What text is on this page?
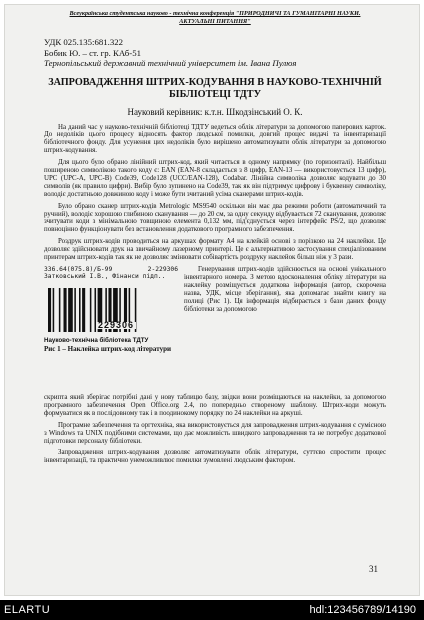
Всеукраїнська студентська науково - технічна конференція "ПРИРОДНИЧІ ТА ГУМАНІТАРНІ НАУКИ.
АКТУАЛЬНІ ПИТАННЯ"
УДК 025.135:681.322
Бобик Ю. – ст. гр. КАб-51
Тернопільський державний технічний університет ім. Івана Пулюя
ЗАПРОВАДЖЕННЯ ШТРИХ-КОДУВАННЯ В НАУКОВО-ТЕХНІЧНІЙ БІБЛІОТЕЦІ ТДТУ
Науковий керівник: к.т.н. Шкодзінський О. К.

На даний час у науково-технічній бібліотеці ТДТУ ведеться облік літератури за допомогою паперових карток. До недоліків цього процесу відносять фактор людської помилки, довгий процес видачі та інвентаризації бібліотечного фонду. Для усунення цих недоліків було вирішено автоматизувати облік літератури за допомогою штрих-кодування.

Для цього було обрано лінійний штрих-код, який читається в одному напрямку (по горизонталі). Найбільш поширеною символікою такого коду є: EAN (EAN-8 складається з 8 цифр, EAN-13 — використовується 13 цифр), UPC (UPC-A, UPC-B) Code39, Code128 (UCC/EAN-128), Codabar. Лінійна символіка дозволяє кодувати до 30 символів (як правило цифри). Вибір було зупинено на Code39, так як він підтримує цифрову і буквенну символіку, володіє достатньою довжиною коду і може бути зчитаний усіма сканерами штрих-кодів.

Було обрано сканер штрих-кодів Metrologic MS9540 оскільки він має два режими роботи (автоматичний та ручний), володіє хорошою глибиною сканування — до 20 см, за одну секунду відбувається 72 сканування, дозволяє зчитувати коди з мінімальною товщиною елемента 0,132 мм, під'єднується через інтерфейс PS/2, що дозволяє повноцінно функціонувати без встановлення додаткового програмного забезпечення.

Роздрук штрих-кодів проводиться на аркушах формату А4 на клейкій основі з порізкою на 24 наклейки. Це дозволяє здійснювати друк на звичайному лазерному принтері. Це є альтернативою застосування спеціалізованим принтерам штрих-кодів так як не дозволяє змінювати собівартість роздруку наклейок більш ніж у 3 рази.

336.64(075.8)/Б-99	2-229306
Затковський І.В., Фінанси підп..
229306
Науково-технічна бібліотека ТДТУ
Рис 1 – Наклейка штрих-код літератури

Генерування штрих-кодів здійснюється на основі унікального інвентарного номера. З метою вдосконалення обліку літератури на наклейку розміщується додаткова інформація (автор, скорочена назва, УДК, місце зберігання), яка допомагає знайти книгу на полиці (Рис 1). Ця інформація відбирається з бази даних фонду бібліотеки за допомогою

скрипта який зберігає потрібні дані у нову таблицю базу, звідки вони розміщаються на наклейки, за допомогою програмного забезпечення Open Office.org 2.4, по попередньо створеному шаблону. Штрих-коди можуть формуватися як в послідовному так і в поодинокому порядку по 24 наклейки на аркуші.

Програмне забезпечення та оргтехніка, яка використовується для запровадження штрих-кодування є сумісною з Windows та UNIX подібними системами, що дає можливість швидкого запровадження та не потребує додаткової підготовки персоналу бібліотеки.

Запровадження штрих-кодування дозволяє автоматизувати облік літератури, суттєво спростити процес інвентаризації, та практично унеможливлює помилки зумовлені людським фактором.

31
ELARTU	hdl:123456789/14190
